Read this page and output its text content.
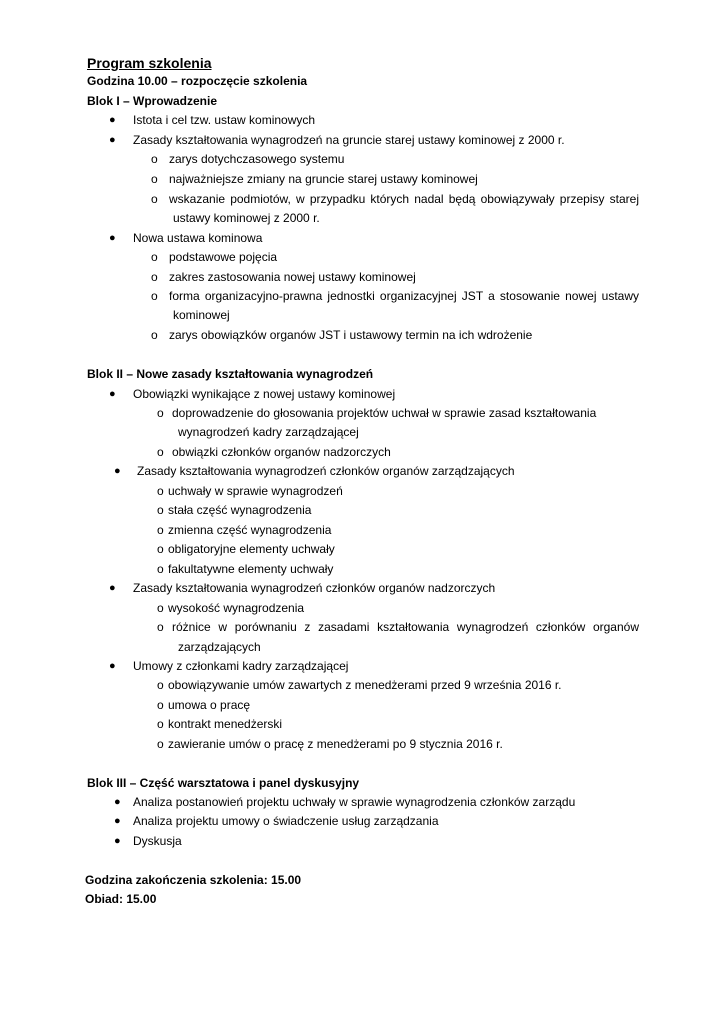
Program szkolenia
Godzina 10.00 – rozpoczęcie szkolenia
Blok I – Wprowadzenie
● Istota i cel tzw. ustaw kominowych
● Zasady kształtowania wynagrodzeń na gruncie starej ustawy kominowej z 2000 r.
o zarys dotychczasowego systemu
o najważniejsze zmiany na gruncie starej ustawy kominowej
o wskazanie podmiotów, w przypadku których nadal będą obowiązywały przepisy starej
ustawy kominowej z 2000 r.
● Nowa ustawa kominowa
o podstawowe pojęcia
o zakres zastosowania nowej ustawy kominowej
o forma organizacyjno-prawna jednostki organizacyjnej JST a stosowanie nowej ustawy
kominowej
o zarys obowiązków organów JST i ustawowy termin na ich wdrożenie
Blok II – Nowe zasady kształtowania wynagrodzeń
● Obowiązki wynikające z nowej ustawy kominowej
o doprowadzenie do głosowania projektów uchwał w sprawie zasad kształtowania
wynagrodzeń kadry zarządzającej
o obwiązki członków organów nadzorczych
● Zasady kształtowania wynagrodzeń członków organów zarządzających
o uchwały w sprawie wynagrodzeń
o stała część wynagrodzenia
o zmienna część wynagrodzenia
o obligatoryjne elementy uchwały
o fakultatywne elementy uchwały
● Zasady kształtowania wynagrodzeń członków organów nadzorczych
o wysokość wynagrodzenia
o różnice w porównaniu z zasadami kształtowania wynagrodzeń członków organów
zarządzających
● Umowy z członkami kadry zarządzającej
o obowiązywanie umów zawartych z menedżerami przed 9 września 2016 r.
o umowa o pracę
o kontrakt menedżerski
o zawieranie umów o pracę z menedżerami po 9 stycznia 2016 r.
Blok III – Część warsztatowa i panel dyskusyjny
● Analiza postanowień projektu uchwały w sprawie wynagrodzenia członków zarządu
● Analiza projektu umowy o świadczenie usług zarządzania
● Dyskusja
Godzina zakończenia szkolenia: 15.00
Obiad: 15.00
